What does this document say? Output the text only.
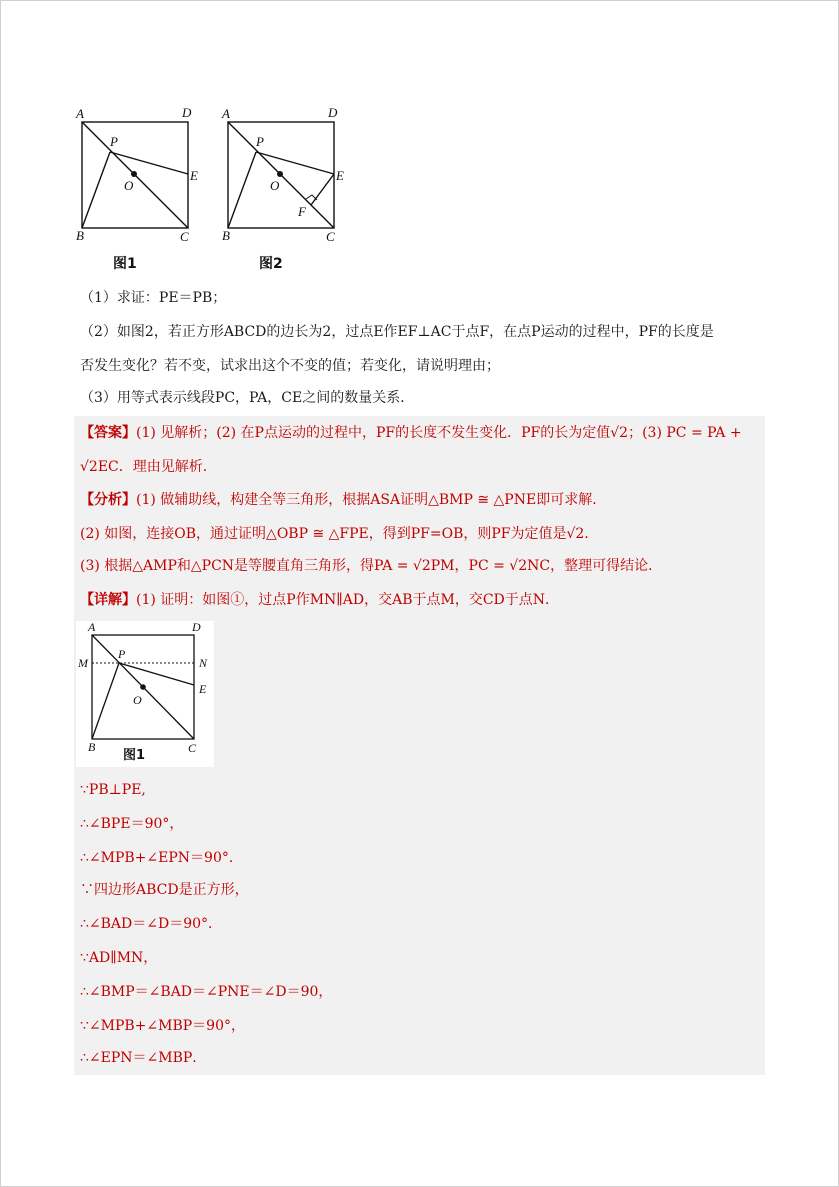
A	D
P
O
E
B	C
图1
A	D
P
O
E
F
B	C
图2
（1）求证：PE＝PB；
（2）如图2，若正方形ABCD的边长为2，过点E作EF⊥AC于点F，在点P运动的过程中，PF的长度是
否发生变化？若不变，试求出这个不变的值；若变化，请说明理由；
（3）用等式表示线段PC，PA，CE之间的数量关系．
【答案】(1) 见解析；(2) 在P点运动的过程中，PF的长度不发生变化．PF的长为定值√2；(3) PC = PA +
√2EC．理由见解析．
【分析】(1) 做辅助线，构建全等三角形，根据ASA证明△BMP ≅ △PNE即可求解．
(2) 如图，连接OB，通过证明△OBP ≅ △FPE，得到PF=OB，则PF为定值是√2．
(3) 根据△AMP和△PCN是等腰直角三角形，得PA = √2PM，PC = √2NC，整理可得结论．
【详解】(1) 证明：如图①，过点P作MN∥AD，交AB于点M，交CD于点N．
A	D
M
P
N
E
O
B	C
图1
∵PB⊥PE,
∴∠BPE＝90°，
∴∠MPB+∠EPN＝90°．
∵四边形ABCD是正方形，
∴∠BAD＝∠D＝90°．
∵AD∥MN，
∴∠BMP＝∠BAD＝∠PNE＝∠D＝90，
∵∠MPB+∠MBP＝90°，
∴∠EPN＝∠MBP．
